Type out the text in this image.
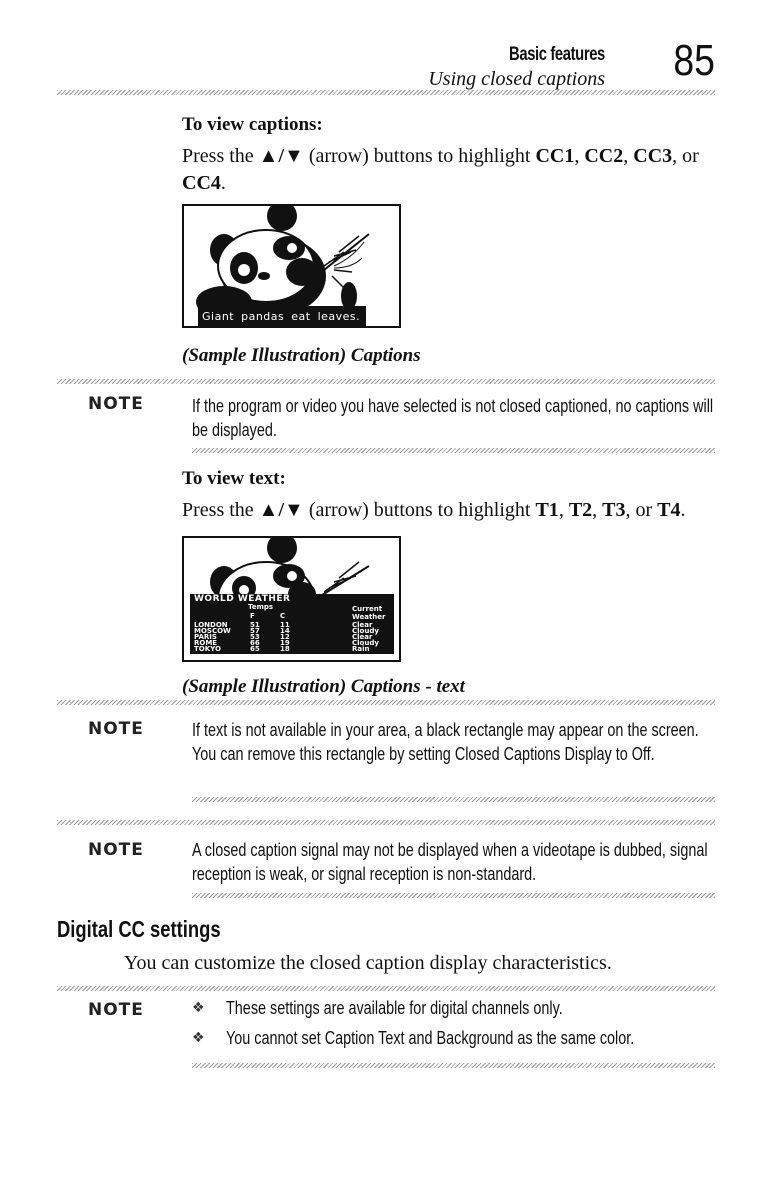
Basic features
Using closed captions 85
To view captions:
Press the ▲/▼ (arrow) buttons to highlight CC1, CC2, CC3, or CC4.
Giant pandas eat leaves.
(Sample Illustration) Captions
NOTE	If the program or video you have selected is not closed captioned, no captions will be displayed.
To view text:
Press the ▲/▼ (arrow) buttons to highlight T1, T2, T3, or T4.
WORLD WEATHER
Temps	Current
F	C	Weather
LONDON	51	11	Clear
MOSCOW	57	14	Cloudy
PARIS	53	12	Clear
ROME	66	19	Cloudy
TOKYO	65	18	Rain
(Sample Illustration) Captions - text
NOTE	If text is not available in your area, a black rectangle may appear on the screen. You can remove this rectangle by setting Closed Captions Display to Off.
NOTE	A closed caption signal may not be displayed when a videotape is dubbed, signal reception is weak, or signal reception is non-standard.
Digital CC settings
You can customize the closed caption display characteristics.
NOTE	❖ These settings are available for digital channels only.
❖ You cannot set Caption Text and Background as the same color.
